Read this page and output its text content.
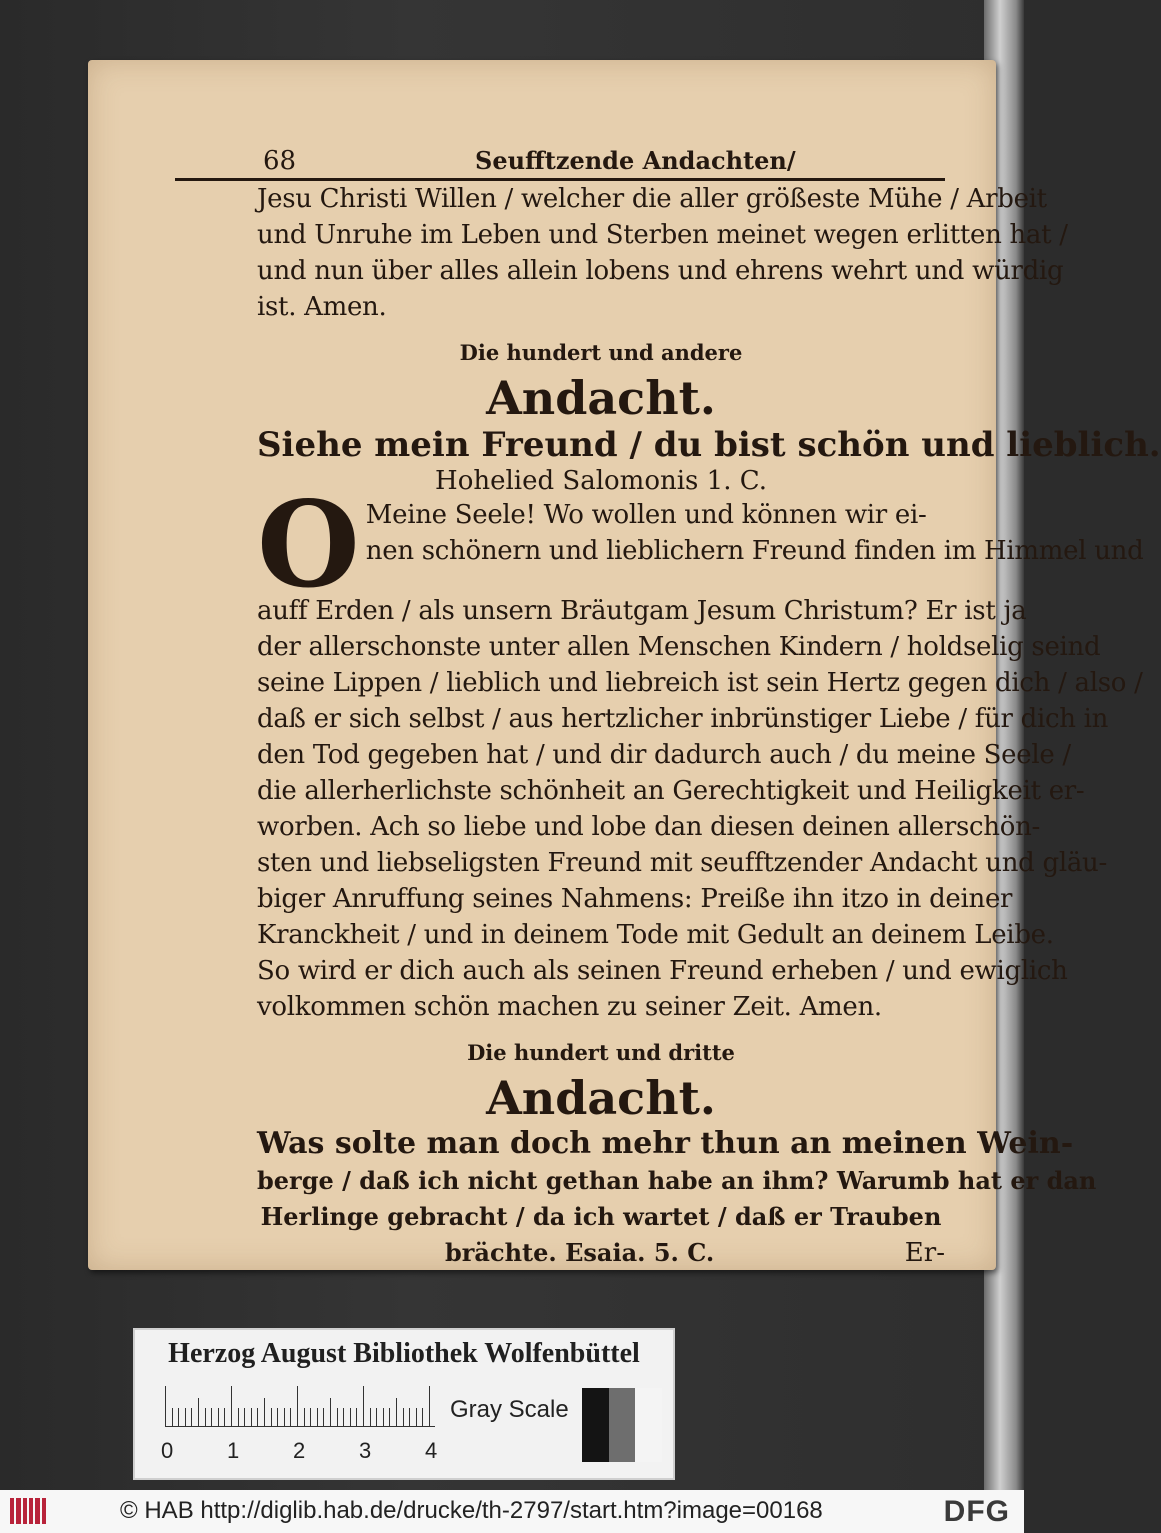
68	Seufftzende Andachten/
Jesu Christi Willen / welcher die aller größeste Mühe / Arbeit
und Unruhe im Leben und Sterben meinet wegen erlitten hat /
und nun über alles allein lobens und ehrens wehrt und würdig
ist. Amen.
Die hundert und andere
Andacht.
Siehe mein Freund / du bist schön und lieblich.
Hohelied Salomonis 1. C.
O Meine Seele! Wo wollen und können wir ei-
nen schönern und lieblichern Freund finden im Himmel und
auff Erden / als unsern Bräutgam Jesum Christum? Er ist ja
der allerschonste unter allen Menschen Kindern / holdselig seind
seine Lippen / lieblich und liebreich ist sein Hertz gegen dich / also /
daß er sich selbst / aus hertzlicher inbrünstiger Liebe / für dich in
den Tod gegeben hat / und dir dadurch auch / du meine Seele /
die allerherlichste schönheit an Gerechtigkeit und Heiligkeit er-
worben. Ach so liebe und lobe dan diesen deinen allerschön-
sten und liebseligsten Freund mit seufftzender Andacht und gläu-
biger Anruffung seines Nahmens: Preiße ihn itzo in deiner
Kranckheit / und in deinem Tode mit Gedult an deinem Leibe.
So wird er dich auch als seinen Freund erheben / und ewiglich
volkommen schön machen zu seiner Zeit. Amen.
Die hundert und dritte
Andacht.
Was solte man doch mehr thun an meinen Wein-
berge / daß ich nicht gethan habe an ihm? Warumb hat er dan
Herlinge gebracht / da ich wartet / daß er Trauben
brächte. Esaia. 5. C.	Er-
Herzog August Bibliothek Wolfenbüttel
0 1 2 3 4
Gray Scale
© HAB http://diglib.hab.de/drucke/th-2797/start.htm?image=00168	DFG
